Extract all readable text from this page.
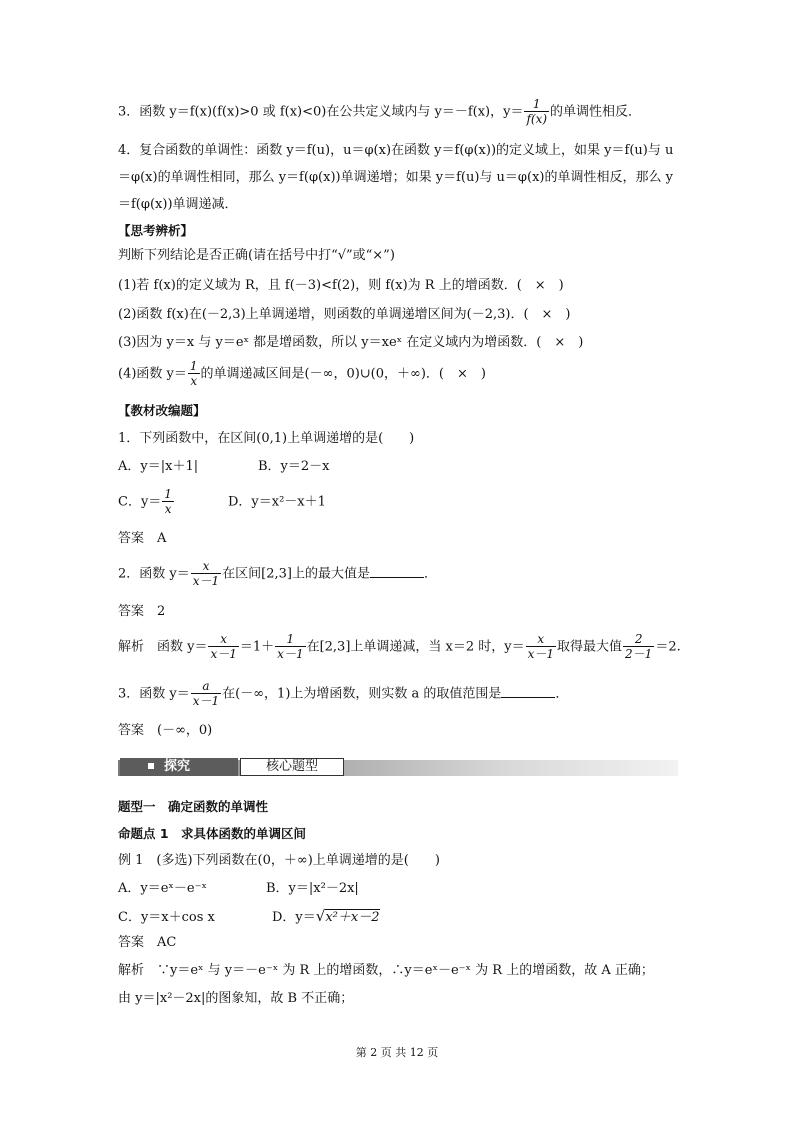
3．函数 y＝f(x)(f(x)>0 或 f(x)<0)在公共定义域内与 y＝－f(x)，$y= \frac{1}{f(x)}$ 的单调性相反．
4．复合函数的单调性：函数 y＝f(u)，u＝φ(x)在函数 y＝f(φ(x))的定义域上，如果 y＝f(u)与 u
＝φ(x)的单调性相同，那么 y＝f(φ(x))单调递增；如果 y＝f(u)与 u＝φ(x)的单调性相反，那么 y
＝f(φ(x))单调递减．
【思考辨析】
判断下列结论是否正确(请在括号中打“√”或“×”)
(1)若 f(x)的定义域为 R，且 f(－3)<f(2)，则 f(x)为 R 上的增函数．(　×　)
(2)函数 f(x)在(－2,3)上单调递增，则函数的单调递增区间为(－2,3)．(　×　)
(3)因为 y＝x 与 y＝eˣ 都是增函数，所以 y＝xeˣ 在定义域内为增函数．(　×　)
(4)函数 $y= \frac{1}{x}$ 的单调递减区间是(－∞，0)∪(0，＋∞)．(　×　)
【教材改编题】
1．下列函数中，在区间(0,1)上单调递增的是(　　)
A．y＝|x＋1|	B．y＝2－x
C．$y= \frac{1}{x}$	D．y＝x²－x＋1
答案　A
2．函数 $y= \frac{x}{x-1}$ 在区间[2,3]上的最大值是	．
答案　2
解析　函数 $y= \frac{x}{x-1} =1+ \frac{1}{x-1}$ 在[2,3]上单调递减，当 x＝2 时，$y= \frac{x}{x-1}$ 取得最大值 $\frac{2}{2-1} =2$.
3．函数 $y= \frac{a}{x-1}$ 在(－∞，1)上为增函数，则实数 a 的取值范围是	．
答案　(－∞，0)
探究	核心题型
题型一　确定函数的单调性
命题点 1　求具体函数的单调区间
例 1　(多选)下列函数在(0，＋∞)上单调递增的是(　　)
A．y＝eˣ－e⁻ˣ	B．y＝|x²－2x|
C．y＝x＋cos x	D．y＝√x²＋x－2
答案　AC
解析　∵y＝eˣ 与 y＝－e⁻ˣ 为 R 上的增函数，∴y＝eˣ－e⁻ˣ 为 R 上的增函数，故 A 正确；
由 y＝|x²－2x|的图象知，故 B 不正确；
第 2 页 共 12 页
